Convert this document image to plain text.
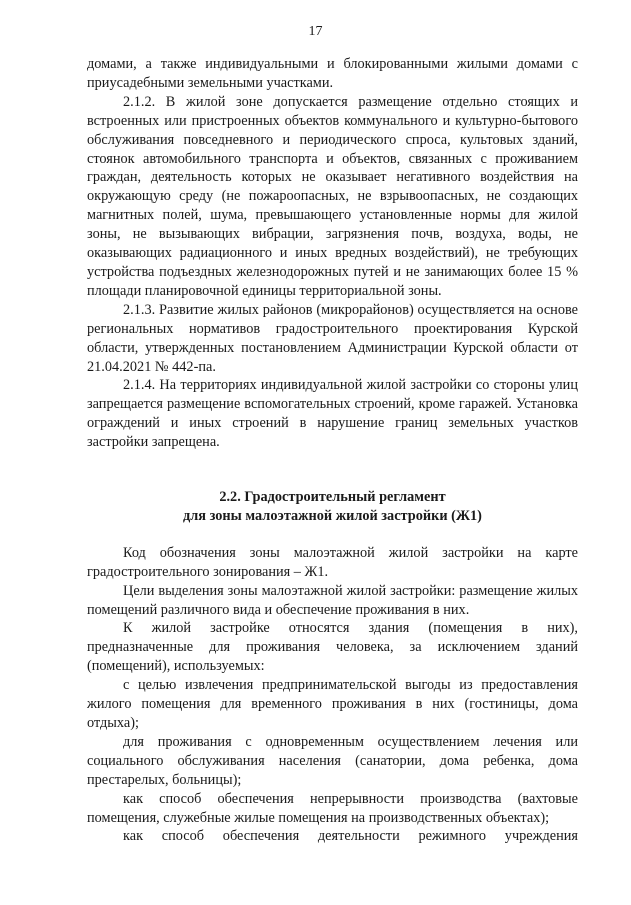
17

домами, а также индивидуальными и блокированными жилыми домами с приусадебными земельными участками.

2.1.2. В жилой зоне допускается размещение отдельно стоящих и встроенных или пристроенных объектов коммунального и культурно-бытового обслуживания повседневного и периодического спроса, культовых зданий, стоянок автомобильного транспорта и объектов, связанных с проживанием граждан, деятельность которых не оказывает негативного воздействия на окружающую среду (не пожароопасных, не взрывоопасных, не создающих магнитных полей, шума, превышающего установленные нормы для жилой зоны, не вызывающих вибрации, загрязнения почв, воздуха, воды, не оказывающих радиационного и иных вредных воздействий), не требующих устройства подъездных железнодорожных путей и не занимающих более 15 % площади планировочной единицы территориальной зоны.

2.1.3. Развитие жилых районов (микрорайонов) осуществляется на основе региональных нормативов градостроительного проектирования Курской области, утвержденных постановлением Администрации Курской области от 21.04.2021 № 442-па.

2.1.4. На территориях индивидуальной жилой застройки со стороны улиц запрещается размещение вспомогательных строений, кроме гаражей. Установка ограждений и иных строений в нарушение границ земельных участков застройки запрещена.

2.2. Градостроительный регламент

для зоны малоэтажной жилой застройки (Ж1)

Код обозначения зоны малоэтажной жилой застройки на карте градостроительного зонирования – Ж1.

Цели выделения зоны малоэтажной жилой застройки: размещение жилых помещений различного вида и обеспечение проживания в них.

К жилой застройке относятся здания (помещения в них), предназначенные для проживания человека, за исключением зданий (помещений), используемых:

с целью извлечения предпринимательской выгоды из предоставления жилого помещения для временного проживания в них (гостиницы, дома отдыха);

для проживания с одновременным осуществлением лечения или социального обслуживания населения (санатории, дома ребенка, дома престарелых, больницы);

как способ обеспечения непрерывности производства (вахтовые помещения, служебные жилые помещения на производственных объектах);

как способ обеспечения деятельности режимного учреждения
